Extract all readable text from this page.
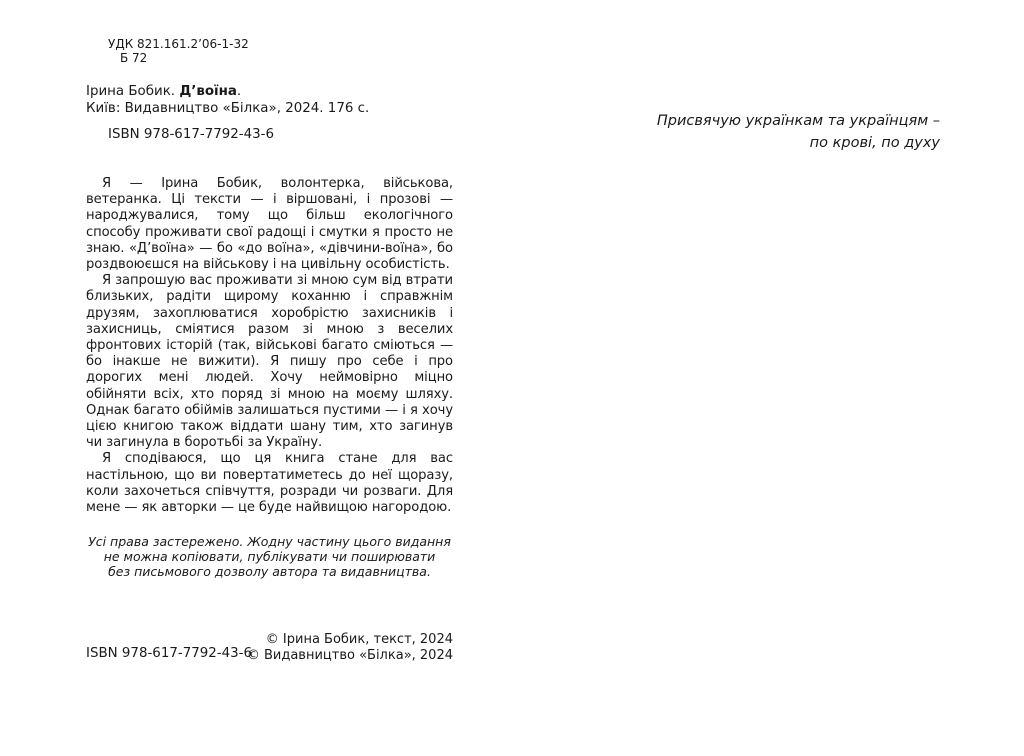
УДК 821.161.2’06-1-32
Б 72
Ірина Бобик. Д’воїна.
Київ: Видавництво «Білка», 2024. 176 с.
ISBN 978-617-7792-43-6

Я — Ірина Бобик, волонтерка, військова, ветеранка. Ці тексти — і віршовані, і прозові — народжувалися, тому що більш екологічного способу проживати свої радощі і смутки я просто не знаю. «Д’воїна» — бо «до воїна», «дівчини-воїна», бо роздвоюєшся на військову і на цивільну особистість.

Я запрошую вас проживати зі мною сум від втрати близьких, радіти щирому коханню і справжнім друзям, захоплюватися хоробрістю захисників і захисниць, сміятися разом зі мною з веселих фронтових історій (так, військові багато сміються — бо інакше не вижити). Я пишу про себе і про дорогих мені людей. Хочу неймовірно міцно обійняти всіх, хто поряд зі мною на моєму шляху. Однак багато обіймів залишаться пустими — і я хочу цією книгою також віддати шану тим, хто загинув чи загинула в боротьбі за Україну.

Я сподіваюся, що ця книга стане для вас настільною, що ви повертатиметесь до неї щоразу, коли захочеться співчуття, розради чи розваги. Для мене — як авторки — це буде найвищою нагородою.

Усі права застережено. Жодну частину цього видання
не можна копіювати, публікувати чи поширювати
без письмового дозволу автора та видавництва.
ISBN 978-617-7792-43-6
© Ірина Бобик, текст, 2024
© Видавництво «Білка», 2024
Присвячую українкам та українцям –
по крові, по духу
